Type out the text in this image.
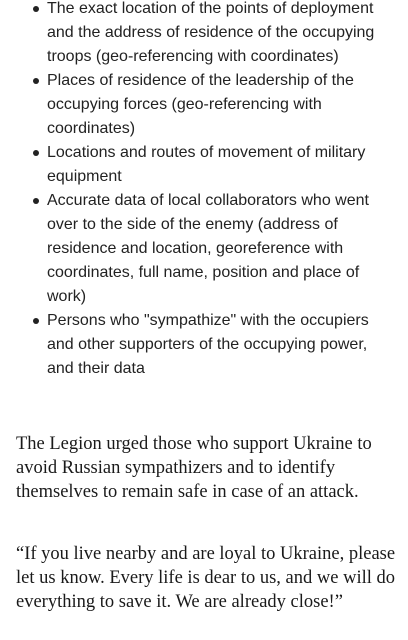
The exact location of the points of deployment and the address of residence of the occupying troops (geo-referencing with coordinates)
Places of residence of the leadership of the occupying forces (geo-referencing with coordinates)
Locations and routes of movement of military equipment
Accurate data of local collaborators who went over to the side of the enemy (address of residence and location, georeference with coordinates, full name, position and place of work)
Persons who "sympathize" with the occupiers and other supporters of the occupying power, and their data

The Legion urged those who support Ukraine to avoid Russian sympathizers and to identify themselves to remain safe in case of an attack.

“If you live nearby and are loyal to Ukraine, please let us know. Every life is dear to us, and we will do everything to save it. We are already close!”
